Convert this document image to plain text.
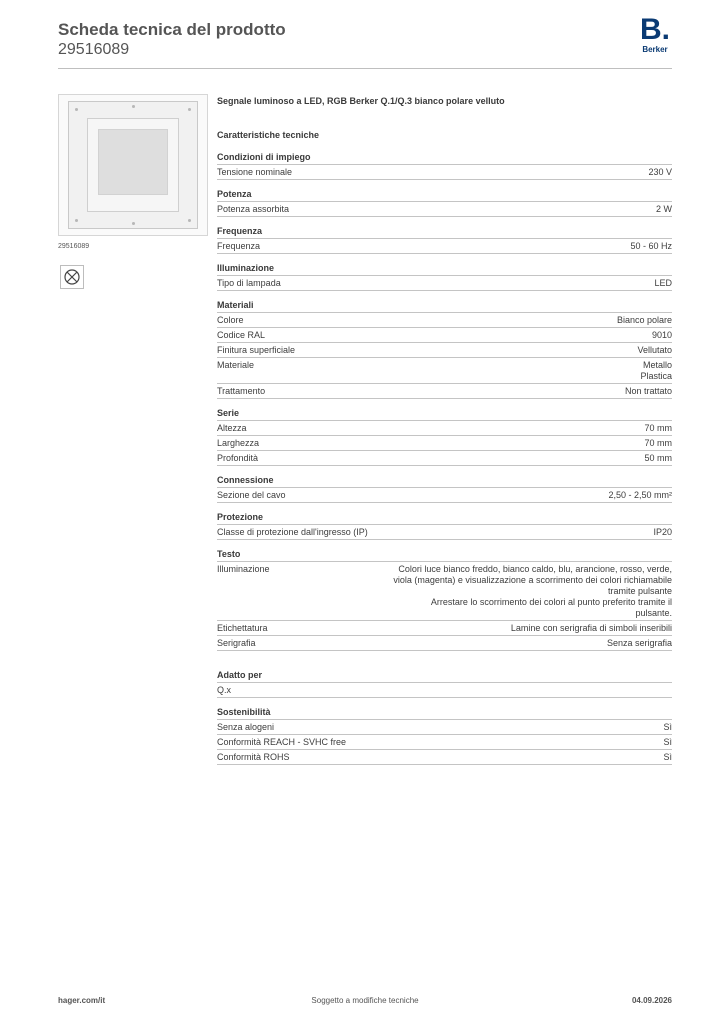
Scheda tecnica del prodotto
29516089
B.
Berker
29516089
Segnale luminoso a LED, RGB Berker Q.1/Q.3 bianco polare velluto
Caratteristiche tecniche
Condizioni di impiego
Tensione nominale	230 V
Potenza
Potenza assorbita	2 W
Frequenza
Frequenza	50 - 60 Hz
Illuminazione
Tipo di lampada	LED
Materiali
Colore	Bianco polare
Codice RAL	9010
Finitura superficiale	Vellutato
Materiale	Metallo
Plastica
Trattamento	Non trattato
Serie
Altezza	70 mm
Larghezza	70 mm
Profondità	50 mm
Connessione
Sezione del cavo	2,50 - 2,50 mm²
Protezione
Classe di protezione dall'ingresso (IP)	IP20
Testo
Illuminazione	Colori luce bianco freddo, bianco caldo, blu, arancione, rosso, verde,
viola (magenta) e visualizzazione a scorrimento dei colori richiamabile
tramite pulsante
Arrestare lo scorrimento dei colori al punto preferito tramite il
pulsante.
Etichettatura	Lamine con serigrafia di simboli inseribili
Serigrafia	Senza serigrafia
Adatto per
Q.x

Sostenibilità
Senza alogeni	Sì
Conformità REACH - SVHC free	Sì
Conformità ROHS	Sì
hager.com/it	Soggetto a modifiche tecniche	04.09.2026
